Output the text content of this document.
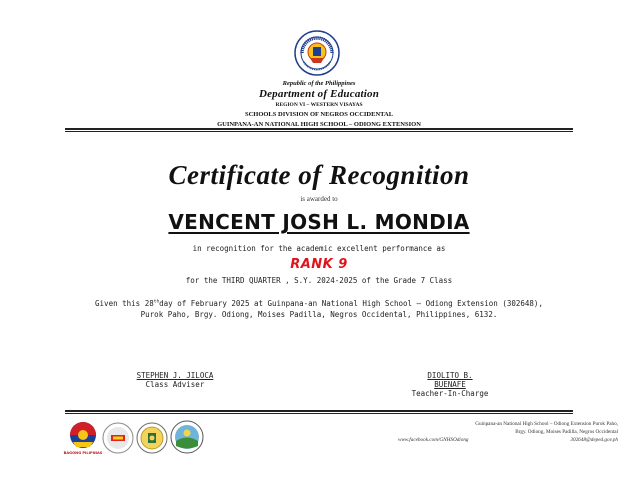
Republic of the Philippines
Department of Education
REGION VI – WESTERN VISAYAS
SCHOOLS DIVISION OF NEGROS OCCIDENTAL
GUINPANA-AN NATIONAL HIGH SCHOOL – ODIONG EXTENSION
Certificate of Recognition
is awarded to
VENCENT JOSH L. MONDIA
in recognition for the academic excellent performance as
RANK 9
for the THIRD QUARTER , S.Y. 2024-2025 of the Grade 7 Class
Given this 28thday of February 2025 at Guinpana-an National High School – Odiong Extension (302648),
Purok Paho, Brgy. Odiong, Moises Padilla, Negros Occidental, Philippines, 6132.
STEPHEN J. JILOCA
Class Adviser
DIOLITO B.
BUENAFE
Teacher-In-Charge
BAGONG PILIPINAS
Guinpana-an National High School – Odiong Extension Purok Paho,
Brgy. Odiong, Moises Padilla, Negros Occidental
www.facebook.com/GNHSOdiong	302648@deped.gov.ph
